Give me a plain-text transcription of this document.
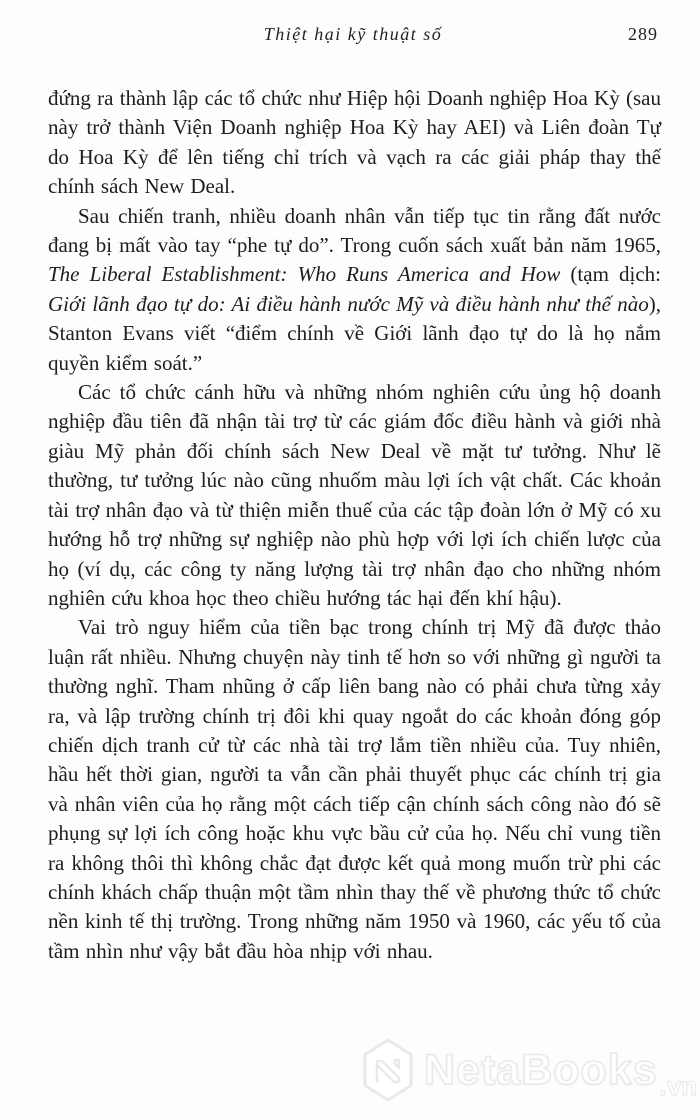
Thiệt hại kỹ thuật số	289

đứng ra thành lập các tổ chức như Hiệp hội Doanh nghiệp Hoa Kỳ (sau này trở thành Viện Doanh nghiệp Hoa Kỳ hay AEI) và Liên đoàn Tự do Hoa Kỳ để lên tiếng chỉ trích và vạch ra các giải pháp thay thế chính sách New Deal.

Sau chiến tranh, nhiều doanh nhân vẫn tiếp tục tin rằng đất nước đang bị mất vào tay “phe tự do”. Trong cuốn sách xuất bản năm 1965, The Liberal Establishment: Who Runs America and How (tạm dịch: Giới lãnh đạo tự do: Ai điều hành nước Mỹ và điều hành như thế nào), Stanton Evans viết “điểm chính về Giới lãnh đạo tự do là họ nắm quyền kiểm soát.”

Các tổ chức cánh hữu và những nhóm nghiên cứu ủng hộ doanh nghiệp đầu tiên đã nhận tài trợ từ các giám đốc điều hành và giới nhà giàu Mỹ phản đối chính sách New Deal về mặt tư tưởng. Như lẽ thường, tư tưởng lúc nào cũng nhuốm màu lợi ích vật chất. Các khoản tài trợ nhân đạo và từ thiện miễn thuế của các tập đoàn lớn ở Mỹ có xu hướng hỗ trợ những sự nghiệp nào phù hợp với lợi ích chiến lược của họ (ví dụ, các công ty năng lượng tài trợ nhân đạo cho những nhóm nghiên cứu khoa học theo chiều hướng tác hại đến khí hậu).

Vai trò nguy hiểm của tiền bạc trong chính trị Mỹ đã được thảo luận rất nhiều. Nhưng chuyện này tinh tế hơn so với những gì người ta thường nghĩ. Tham nhũng ở cấp liên bang nào có phải chưa từng xảy ra, và lập trường chính trị đôi khi quay ngoắt do các khoản đóng góp chiến dịch tranh cử từ các nhà tài trợ lắm tiền nhiều của. Tuy nhiên, hầu hết thời gian, người ta vẫn cần phải thuyết phục các chính trị gia và nhân viên của họ rằng một cách tiếp cận chính sách công nào đó sẽ phụng sự lợi ích công hoặc khu vực bầu cử của họ. Nếu chỉ vung tiền ra không thôi thì không chắc đạt được kết quả mong muốn trừ phi các chính khách chấp thuận một tầm nhìn thay thế về phương thức tổ chức nền kinh tế thị trường. Trong những năm 1950 và 1960, các yếu tố của tầm nhìn như vậy bắt đầu hòa nhịp với nhau.

NetaBooks .vn
